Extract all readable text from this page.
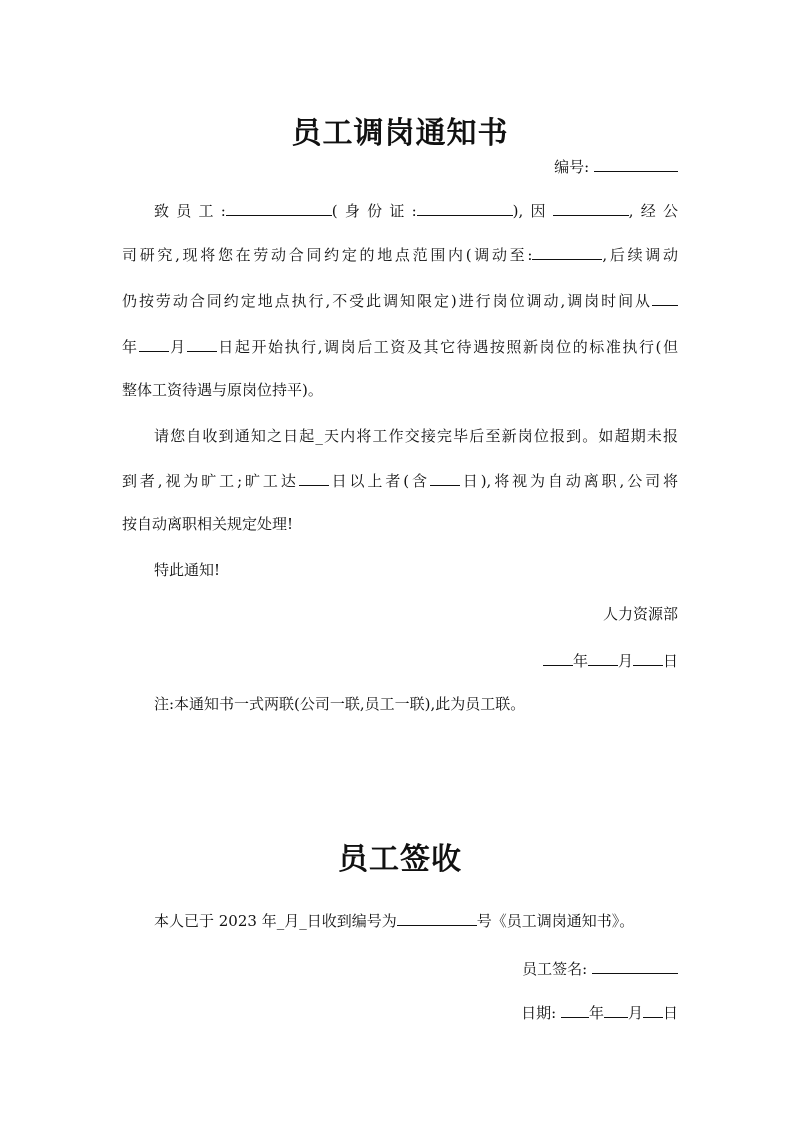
员工调岗通知书
编号:
致员工:	(身份证:	),因	,经公
司研究,现将您在劳动合同约定的地点范围内(调动至:	,后续调动
仍按劳动合同约定地点执行,不受此调知限定)进行岗位调动,调岗时间从
年 月 日起开始执行,调岗后工资及其它待遇按照新岗位的标准执行(但
整体工资待遇与原岗位持平)。
请您自收到通知之日起_天内将工作交接完毕后至新岗位报到。如超期未报
到者,视为旷工;旷工达 日以上者(含 日),将视为自动离职,公司将
按自动离职相关规定处理!
特此通知!
人力资源部
年 月 日
注:本通知书一式两联(公司一联,员工一联),此为员工联。
员工签收
本人已于 2023 年_月_日收到编号为	号《员工调岗通知书》。
员工签名:
日期: 年 月 日
